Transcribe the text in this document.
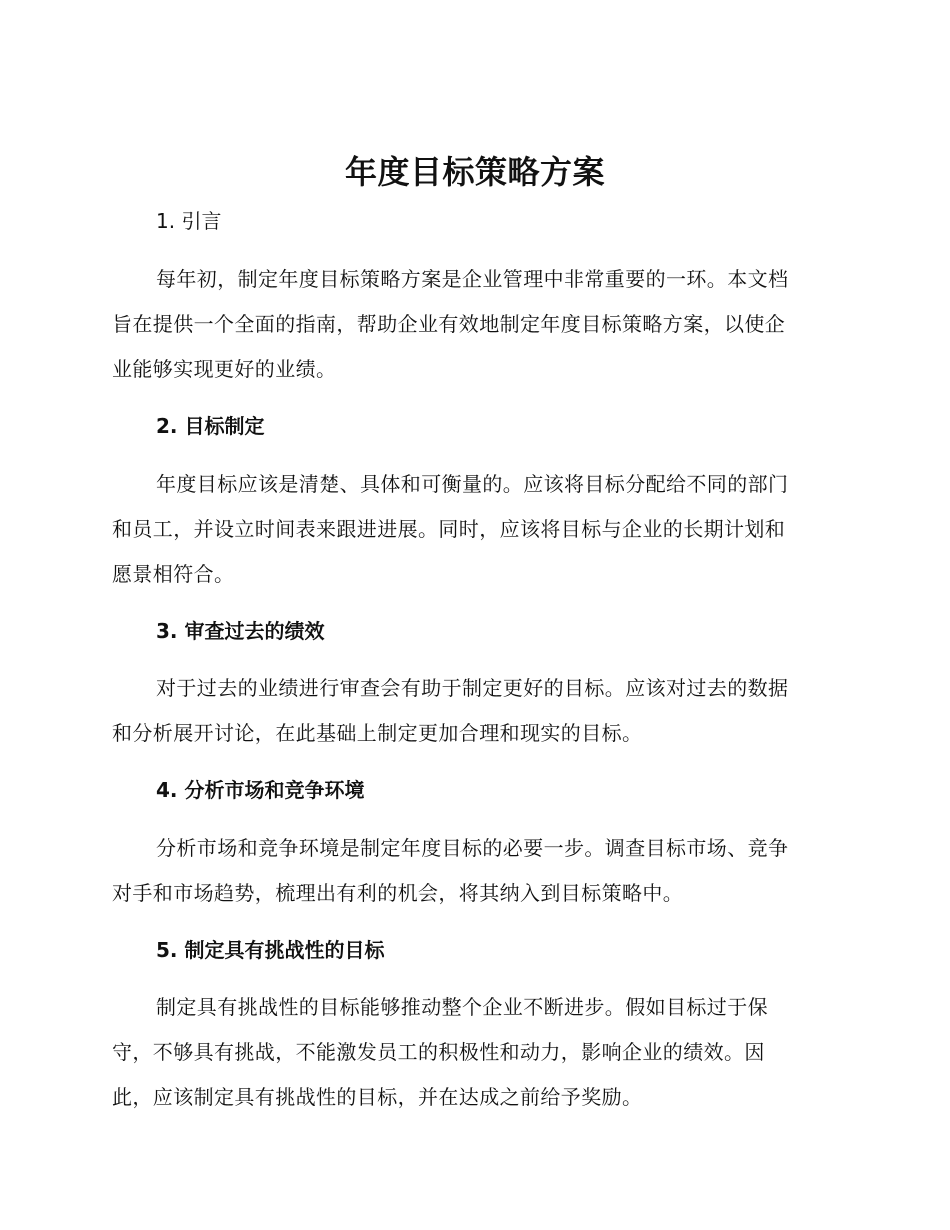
年度目标策略方案
1. 引言
每年初，制定年度目标策略方案是企业管理中非常重要的一环。本文档
旨在提供一个全面的指南，帮助企业有效地制定年度目标策略方案，以使企
业能够实现更好的业绩。
2. 目标制定
年度目标应该是清楚、具体和可衡量的。应该将目标分配给不同的部门
和员工，并设立时间表来跟进进展。同时，应该将目标与企业的长期计划和
愿景相符合。
3. 审查过去的绩效
对于过去的业绩进行审查会有助于制定更好的目标。应该对过去的数据
和分析展开讨论，在此基础上制定更加合理和现实的目标。
4. 分析市场和竞争环境
分析市场和竞争环境是制定年度目标的必要一步。调查目标市场、竞争
对手和市场趋势，梳理出有利的机会，将其纳入到目标策略中。
5. 制定具有挑战性的目标
制定具有挑战性的目标能够推动整个企业不断进步。假如目标过于保
守，不够具有挑战，不能激发员工的积极性和动力，影响企业的绩效。因
此，应该制定具有挑战性的目标，并在达成之前给予奖励。
